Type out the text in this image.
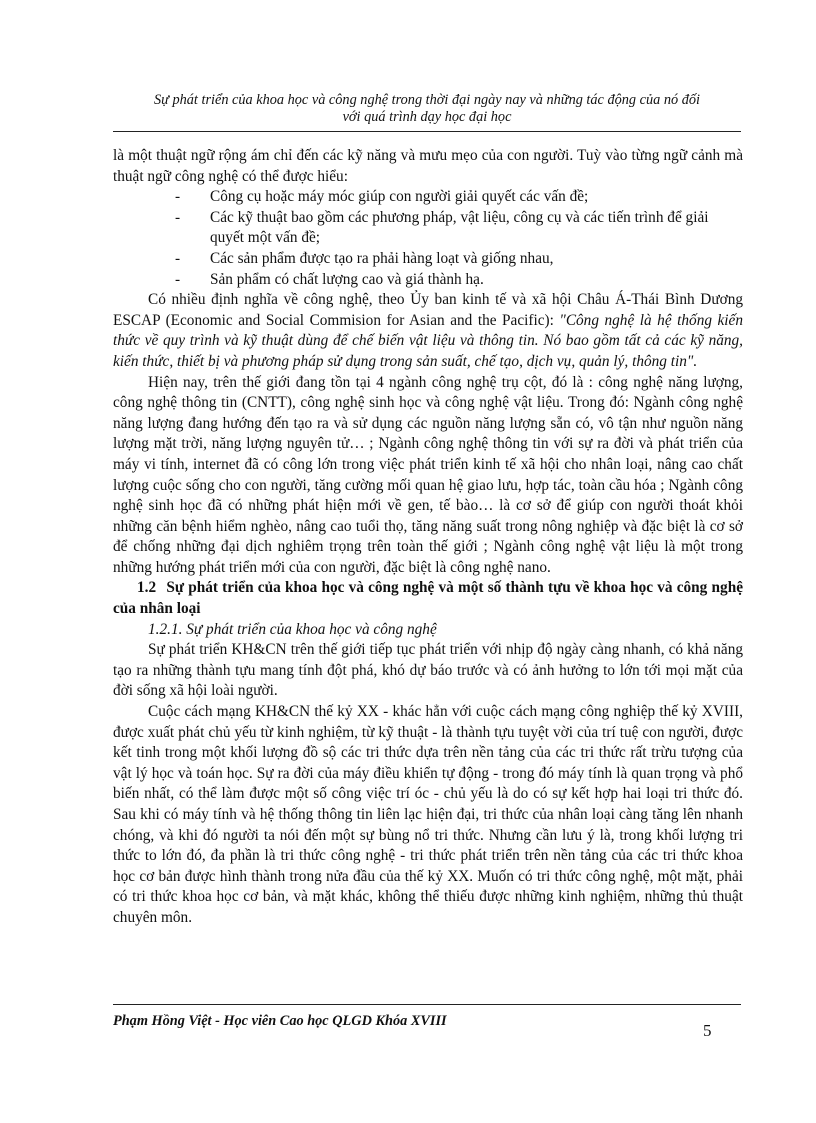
Sự phát triển của khoa học và công nghệ trong thời đại ngày nay và những tác động của nó đối
với quá trình dạy học đại học

là một thuật ngữ rộng ám chỉ đến các kỹ năng và mưu mẹo của con người. Tuỳ vào từng ngữ cảnh mà thuật ngữ công nghệ có thể được hiểu:

- Công cụ hoặc máy móc giúp con người giải quyết các vấn đề;
- Các kỹ thuật bao gồm các phương pháp, vật liệu, công cụ và các tiến trình để giải quyết một vấn đề;
- Các sản phẩm được tạo ra phải hàng loạt và giống nhau,
- Sản phẩm có chất lượng cao và giá thành hạ.

Có nhiều định nghĩa về công nghệ, theo Ủy ban kinh tế và xã hội Châu Á-Thái Bình Dương ESCAP (Economic and Social Commision for Asian and the Pacific): "Công nghệ là hệ thống kiến thức về quy trình và kỹ thuật dùng để chế biến vật liệu và thông tin. Nó bao gồm tất cả các kỹ năng, kiến thức, thiết bị và phương pháp sử dụng trong sản suất, chế tạo, dịch vụ, quản lý, thông tin".

Hiện nay, trên thế giới đang tồn tại 4 ngành công nghệ trụ cột, đó là : công nghệ năng lượng, công nghệ thông tin (CNTT), công nghệ sinh học và công nghệ vật liệu. Trong đó: Ngành công nghệ năng lượng đang hướng đến tạo ra và sử dụng các nguồn năng lượng sẵn có, vô tận như nguồn năng lượng mặt trời, năng lượng nguyên tử… ; Ngành công nghệ thông tin với sự ra đời và phát triển của máy vi tính, internet đã có công lớn trong việc phát triển kinh tế xã hội cho nhân loại, nâng cao chất lượng cuộc sống cho con người, tăng cường mối quan hệ giao lưu, hợp tác, toàn cầu hóa ; Ngành công nghệ sinh học đã có những phát hiện mới về gen, tế bào… là cơ sở để giúp con người thoát khỏi những căn bệnh hiểm nghèo, nâng cao tuổi thọ, tăng năng suất trong nông nghiệp và đặc biệt là cơ sở để chống những đại dịch nghiêm trọng trên toàn thế giới ; Ngành công nghệ vật liệu là một trong những hướng phát triển mới của con người, đặc biệt là công nghệ nano.

1.2 Sự phát triển của khoa học và công nghệ và một số thành tựu về khoa học và công nghệ của nhân loại

1.2.1. Sự phát triển của khoa học và công nghệ

Sự phát triển KH&CN trên thế giới tiếp tục phát triển với nhịp độ ngày càng nhanh, có khả năng tạo ra những thành tựu mang tính đột phá, khó dự báo trước và có ảnh hưởng to lớn tới mọi mặt của đời sống xã hội loài người.

Cuộc cách mạng KH&CN thế kỷ XX - khác hẳn với cuộc cách mạng công nghiệp thế kỷ XVIII, được xuất phát chủ yếu từ kinh nghiệm, từ kỹ thuật - là thành tựu tuyệt vời của trí tuệ con người, được kết tinh trong một khối lượng đồ sộ các tri thức dựa trên nền tảng của các tri thức rất trừu tượng của vật lý học và toán học. Sự ra đời của máy điều khiển tự động - trong đó máy tính là quan trọng và phổ biến nhất, có thể làm được một số công việc trí óc - chủ yếu là do có sự kết hợp hai loại tri thức đó. Sau khi có máy tính và hệ thống thông tin liên lạc hiện đại, tri thức của nhân loại càng tăng lên nhanh chóng, và khi đó người ta nói đến một sự bùng nổ tri thức. Nhưng cần lưu ý là, trong khối lượng tri thức to lớn đó, đa phần là tri thức công nghệ - tri thức phát triển trên nền tảng của các tri thức khoa học cơ bản được hình thành trong nửa đầu của thế kỷ XX. Muốn có tri thức công nghệ, một mặt, phải có tri thức khoa học cơ bản, và mặt khác, không thể thiếu được những kinh nghiệm, những thủ thuật chuyên môn.

Phạm Hồng Việt - Học viên Cao học QLGD Khóa XVIII	5
